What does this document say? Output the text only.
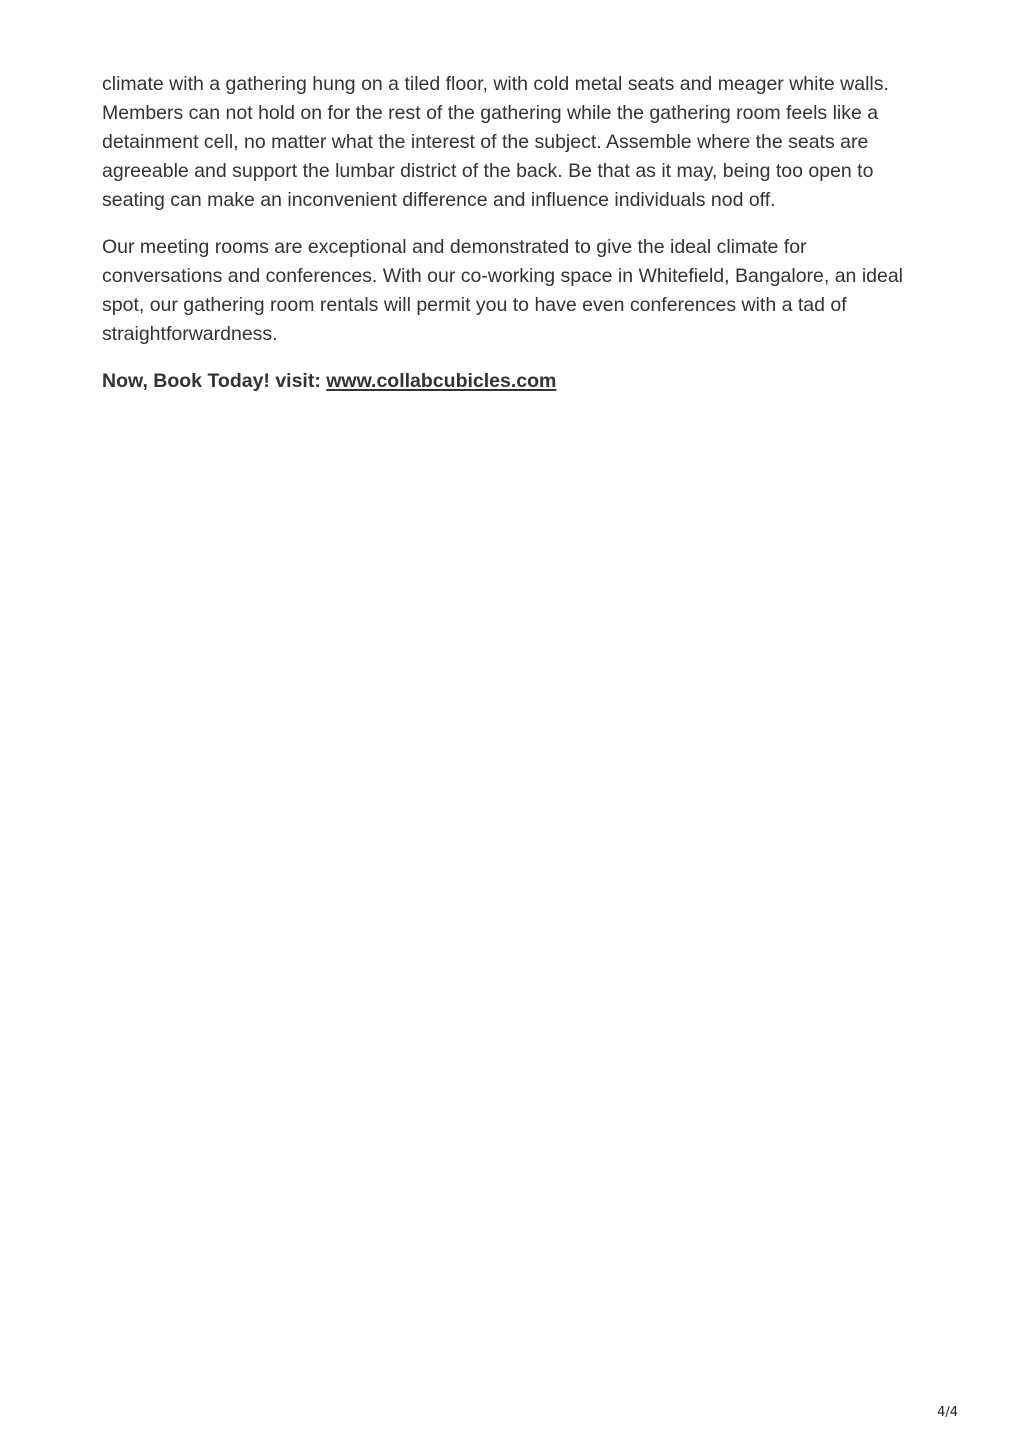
climate with a gathering hung on a tiled floor, with cold metal seats and meager white walls. Members can not hold on for the rest of the gathering while the gathering room feels like a detainment cell, no matter what the interest of the subject. Assemble where the seats are agreeable and support the lumbar district of the back. Be that as it may, being too open to seating can make an inconvenient difference and influence individuals nod off.

Our meeting rooms are exceptional and demonstrated to give the ideal climate for conversations and conferences. With our co-working space in Whitefield, Bangalore, an ideal spot, our gathering room rentals will permit you to have even conferences with a tad of straightforwardness.

Now, Book Today! visit: www.collabcubicles.com

4/4
